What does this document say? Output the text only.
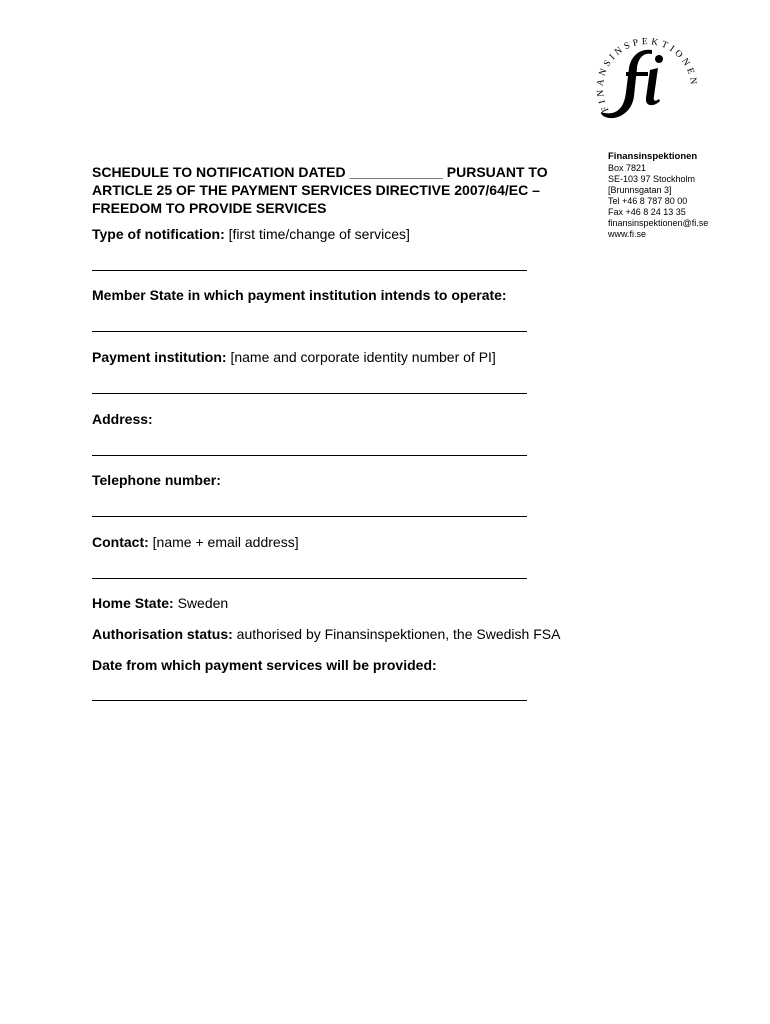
FINANSINSPEKTIONEN
Finansinspektionen
Box 7821
SE-103 97 Stockholm
[Brunnsgatan 3]
Tel +46 8 787 80 00
Fax +46 8 24 13 35
finansinspektionen@fi.se
www.fi.se
SCHEDULE TO NOTIFICATION DATED ____________ PURSUANT TO
ARTICLE 25 OF THE PAYMENT SERVICES DIRECTIVE 2007/64/EC –
FREEDOM TO PROVIDE SERVICES
Type of notification: [first time/change of services]
Member State in which payment institution intends to operate:
Payment institution: [name and corporate identity number of PI]
Address:
Telephone number:
Contact: [name + email address]
Home State: Sweden
Authorisation status: authorised by Finansinspektionen, the Swedish FSA
Date from which payment services will be provided:
